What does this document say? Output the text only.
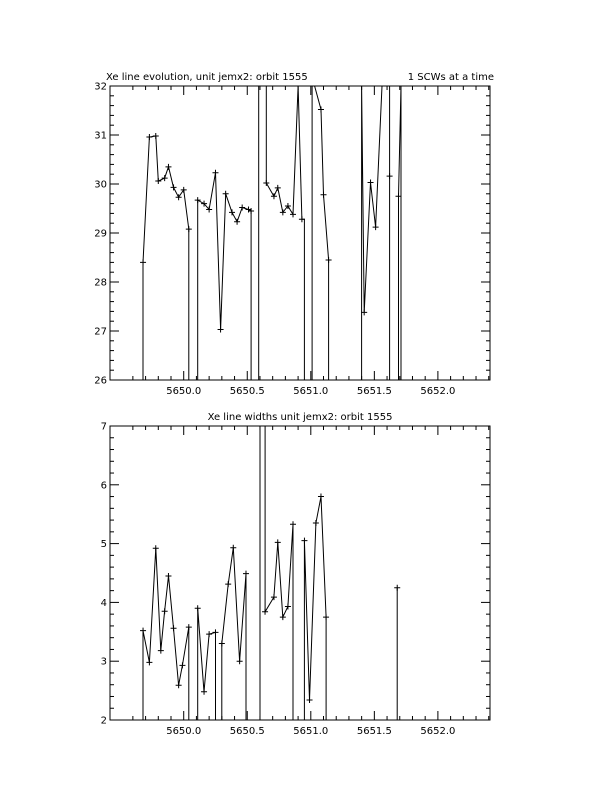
Xe line evolution, unit jemx2: orbit 1555	1 SCWs at a time
5650.0	5650.5	5651.0	5651.5	5652.0
26
27
28
29
30
31
32
Xe line widths unit jemx2: orbit 1555
5650.0	5650.5	5651.0	5651.5	5652.0
2
3
4
5
6
7
